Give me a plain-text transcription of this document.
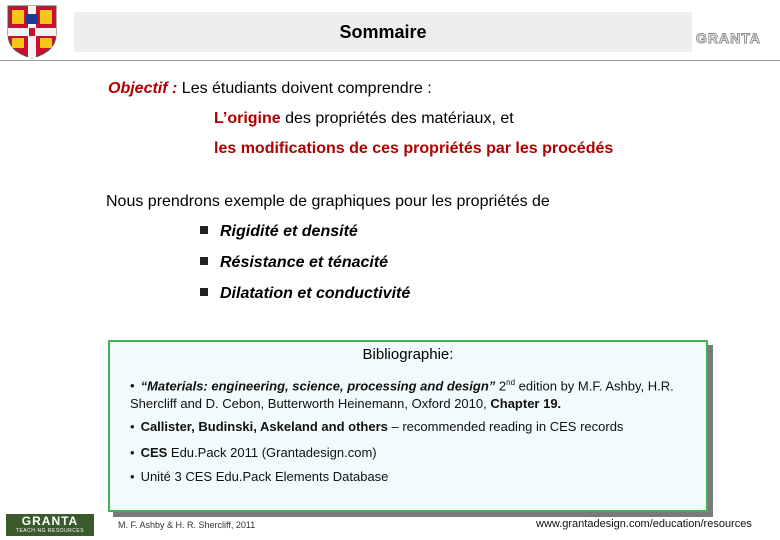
Sommaire	GRANTA
Objectif : Les étudiants doivent comprendre :
L’origine des propriétés des matériaux, et
les modifications de ces propriétés par les procédés
Nous prendrons exemple de graphiques pour les propriétés de
Rigidité et densité
Résistance et ténacité
Dilatation et conductivité
Bibliographie:
• “Materials: engineering, science, processing and design” 2nd edition by M.F. Ashby, H.R. Shercliff and D. Cebon, Butterworth Heinemann, Oxford 2010, Chapter 19.
• Callister, Budinski, Askeland and others – recommended reading in CES records
• CES Edu.Pack 2011 (Grantadesign.com)
• Unité 3 CES Edu.Pack Elements Database
GRANTA
TEACH·NG RESOURCES
M. F. Ashby & H. R. Shercliff, 2011	www.grantadesign.com/education/resources
